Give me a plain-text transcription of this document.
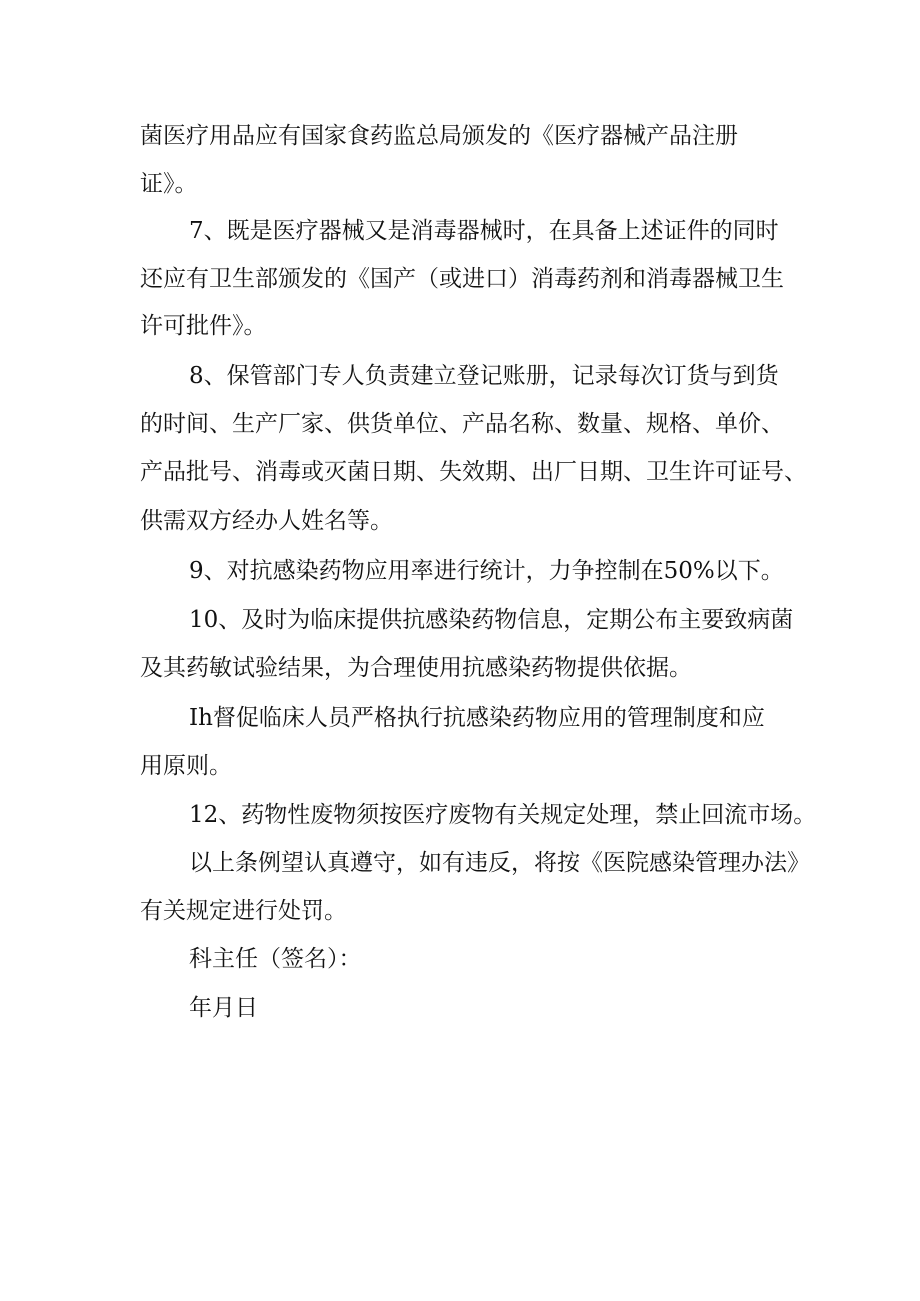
菌医疗用品应有国家食药监总局颁发的《医疗器械产品注册
证》。
7、既是医疗器械又是消毒器械时，在具备上述证件的同时
还应有卫生部颁发的《国产（或进口）消毒药剂和消毒器械卫生
许可批件》。
8、保管部门专人负责建立登记账册，记录每次订货与到货
的时间、生产厂家、供货单位、产品名称、数量、规格、单价、
产品批号、消毒或灭菌日期、失效期、出厂日期、卫生许可证号、
供需双方经办人姓名等。
9、对抗感染药物应用率进行统计，力争控制在50%以下。
10、及时为临床提供抗感染药物信息，定期公布主要致病菌
及其药敏试验结果，为合理使用抗感染药物提供依据。
Ih督促临床人员严格执行抗感染药物应用的管理制度和应
用原则。
12、药物性废物须按医疗废物有关规定处理，禁止回流市场。
以上条例望认真遵守，如有违反，将按《医院感染管理办法》
有关规定进行处罚。
科主任（签名）：
年月日
